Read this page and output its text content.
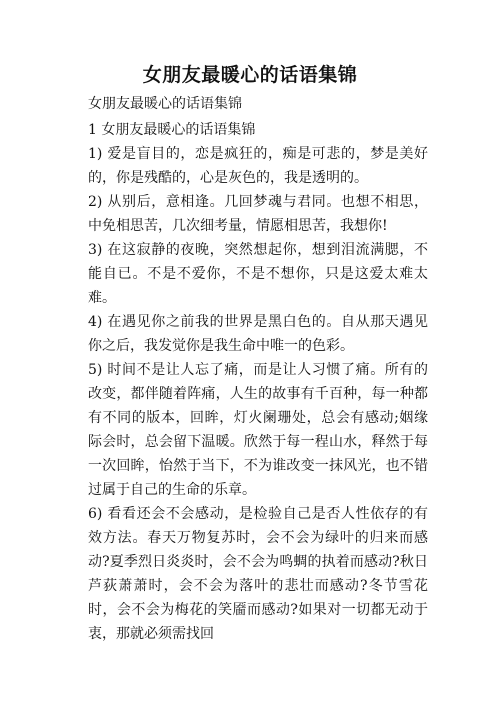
女朋友最暖心的话语集锦

女朋友最暖心的话语集锦

1 女朋友最暖心的话语集锦

1) 爱是盲目的，恋是疯狂的，痴是可悲的，梦是美好的，你是残酷的，心是灰色的，我是透明的。

2) 从别后，意相逢。几回梦魂与君同。也想不相思，中免相思苦，几次细考量，情愿相思苦，我想你!

3) 在这寂静的夜晚，突然想起你，想到泪流满腮，不能自已。不是不爱你，不是不想你，只是这爱太难太难。

4) 在遇见你之前我的世界是黑白色的。自从那天遇见你之后，我发觉你是我生命中唯一的色彩。

5) 时间不是让人忘了痛，而是让人习惯了痛。所有的改变，都伴随着阵痛，人生的故事有千百种，每一种都有不同的版本，回眸，灯火阑珊处，总会有感动;姻缘际会时，总会留下温暖。欣然于每一程山水，释然于每一次回眸，怡然于当下，不为谁改变一抹风光，也不错过属于自己的生命的乐章。

6) 看看还会不会感动，是检验自己是否人性依存的有效方法。春天万物复苏时，会不会为绿叶的归来而感动?夏季烈日炎炎时，会不会为鸣蜩的执着而感动?秋日芦荻萧萧时，会不会为落叶的悲壮而感动?冬节雪花时，会不会为梅花的笑靥而感动?如果对一切都无动于衷，那就必须需找回
